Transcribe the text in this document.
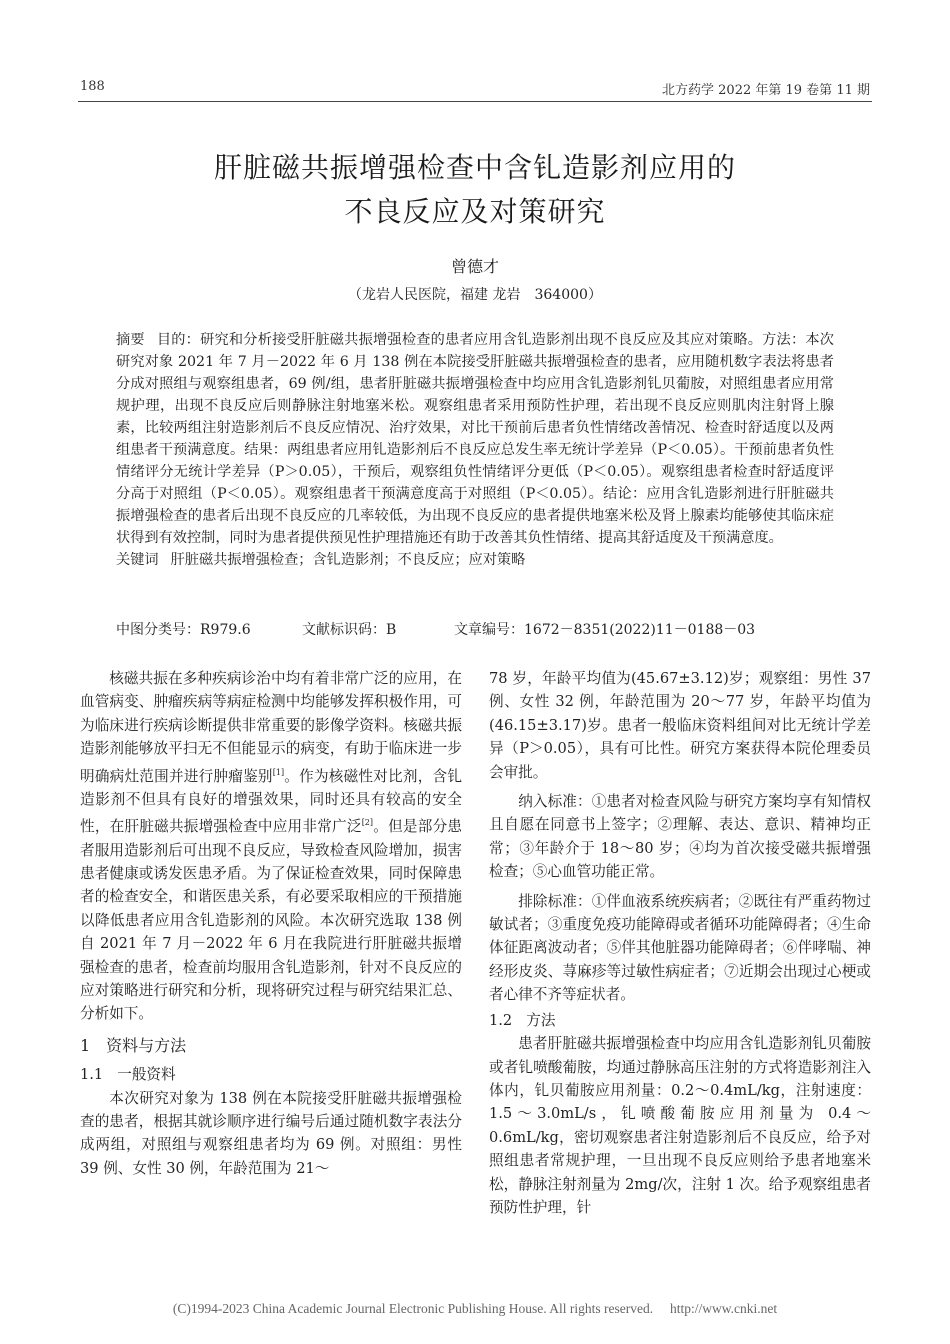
188	北方药学 2022 年第 19 卷第 11 期
肝脏磁共振增强检查中含钆造影剂应用的
不良反应及对策研究
曾德才
（龙岩人民医院，福建 龙岩　364000）

摘要 目的：研究和分析接受肝脏磁共振增强检查的患者应用含钆造影剂出现不良反应及其应对策略。方法：本次研究对象 2021 年 7 月－2022 年 6 月 138 例在本院接受肝脏磁共振增强检查的患者，应用随机数字表法将患者分成对照组与观察组患者，69 例/组，患者肝脏磁共振增强检查中均应用含钆造影剂钆贝葡胺，对照组患者应用常规护理，出现不良反应后则静脉注射地塞米松。观察组患者采用预防性护理，若出现不良反应则肌肉注射肾上腺素，比较两组注射造影剂后不良反应情况、治疗效果，对比干预前后患者负性情绪改善情况、检查时舒适度以及两组患者干预满意度。结果：两组患者应用钆造影剂后不良反应总发生率无统计学差异（P＜0.05）。干预前患者负性情绪评分无统计学差异（P＞0.05），干预后，观察组负性情绪评分更低（P＜0.05）。观察组患者检查时舒适度评分高于对照组（P＜0.05）。观察组患者干预满意度高于对照组（P＜0.05）。结论：应用含钆造影剂进行肝脏磁共振增强检查的患者后出现不良反应的几率较低，为出现不良反应的患者提供地塞米松及肾上腺素均能够使其临床症状得到有效控制，同时为患者提供预见性护理措施还有助于改善其负性情绪、提高其舒适度及干预满意度。

关键词 肝脏磁共振增强检查；含钆造影剂；不良反应；应对策略

中图分类号：R979.6	文献标识码：B	文章编号：1672－8351(2022)11－0188－03

核磁共振在多种疾病诊治中均有着非常广泛的应用，在血管病变、肿瘤疾病等病症检测中均能够发挥积极作用，可为临床进行疾病诊断提供非常重要的影像学资料。核磁共振造影剂能够放平扫无不但能显示的病变，有助于临床进一步明确病灶范围并进行肿瘤鉴别[1]。作为核磁性对比剂，含钆造影剂不但具有良好的增强效果，同时还具有较高的安全性，在肝脏磁共振增强检查中应用非常广泛[2]。但是部分患者服用造影剂后可出现不良反应，导致检查风险增加，损害患者健康或诱发医患矛盾。为了保证检查效果，同时保障患者的检查安全，和谐医患关系，有必要采取相应的干预措施以降低患者应用含钆造影剂的风险。本次研究选取 138 例自 2021 年 7 月－2022 年 6 月在我院进行肝脏磁共振增强检查的患者，检查前均服用含钆造影剂，针对不良反应的应对策略进行研究和分析，现将研究过程与研究结果汇总、分析如下。

1　资料与方法

1.1 一般资料

本次研究对象为 138 例在本院接受肝脏磁共振增强检查的患者，根据其就诊顺序进行编号后通过随机数字表法分成两组，对照组与观察组患者均为 69 例。对照组：男性 39 例、女性 30 例，年龄范围为 21～

78 岁，年龄平均值为(45.67±3.12)岁；观察组：男性 37 例、女性 32 例，年龄范围为 20～77 岁，年龄平均值为(46.15±3.17)岁。患者一般临床资料组间对比无统计学差异（P＞0.05），具有可比性。研究方案获得本院伦理委员会审批。

纳入标准：①患者对检查风险与研究方案均享有知情权且自愿在同意书上签字；②理解、表达、意识、精神均正常；③年龄介于 18～80 岁；④均为首次接受磁共振增强检查；⑤心血管功能正常。

排除标准：①伴血液系统疾病者；②既往有严重药物过敏试者；③重度免疫功能障碍或者循环功能障碍者；④生命体征距离波动者；⑤伴其他脏器功能障碍者；⑥伴哮喘、神经形皮炎、荨麻疹等过敏性病症者；⑦近期会出现过心梗或者心律不齐等症状者。

1.2 方法

患者肝脏磁共振增强检查中均应用含钆造影剂钆贝葡胺或者钆喷酸葡胺，均通过静脉高压注射的方式将造影剂注入体内，钆贝葡胺应用剂量：0.2～0.4mL/kg，注射速度：1.5～3.0mL/s，钆喷酸葡胺应用剂量为 0.4～0.6mL/kg，密切观察患者注射造影剂后不良反应，给予对照组患者常规护理，一旦出现不良反应则给予患者地塞米松，静脉注射剂量为 2mg/次，注射 1 次。给予观察组患者预防性护理，针

(C)1994-2023 China Academic Journal Electronic Publishing House. All rights reserved.　 http://www.cnki.net
